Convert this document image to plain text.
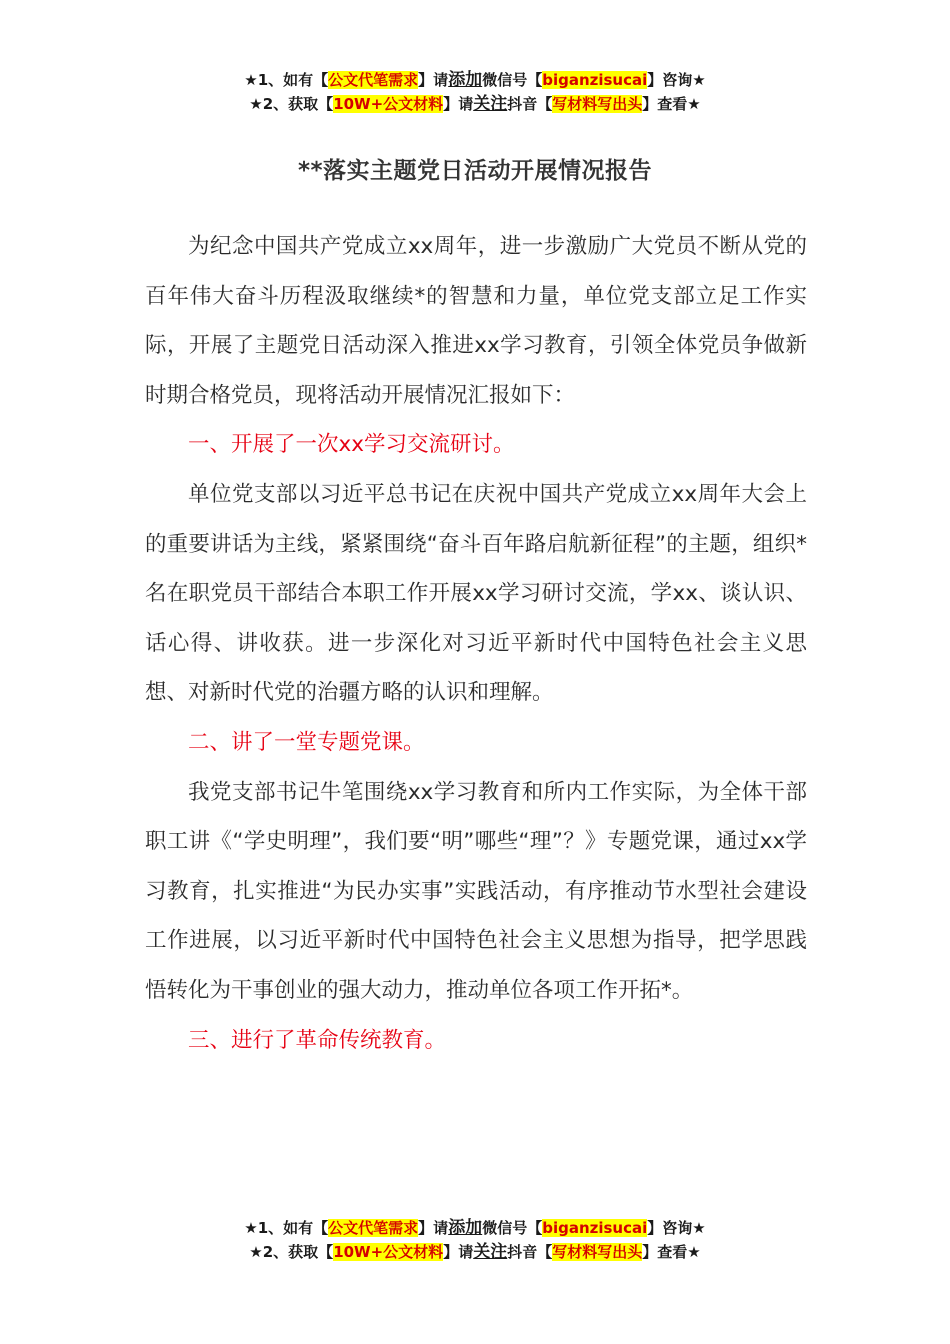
★1、如有【公文代笔需求】请添加微信号【biganzisucai】咨询★
★2、获取【10W+公文材料】请关注抖音【写材料写出头】查看★
**落实主题党日活动开展情况报告

为纪念中国共产党成立xx周年，进一步激励广大党员不断从党的百年伟大奋斗历程汲取继续*的智慧和力量，单位党支部立足工作实际，开展了主题党日活动深入推进xx学习教育，引领全体党员争做新时期合格党员，现将活动开展情况汇报如下：

一、开展了一次xx学习交流研讨。

单位党支部以习近平总书记在庆祝中国共产党成立xx周年大会上的重要讲话为主线，紧紧围绕“奋斗百年路启航新征程”的主题，组织*名在职党员干部结合本职工作开展xx学习研讨交流，学xx、谈认识、话心得、讲收获。进一步深化对习近平新时代中国特色社会主义思想、对新时代党的治疆方略的认识和理解。

二、讲了一堂专题党课。

我党支部书记牛笔围绕xx学习教育和所内工作实际，为全体干部职工讲《“学史明理”，我们要“明”哪些“理”？》专题党课，通过xx学习教育，扎实推进“为民办实事”实践活动，有序推动节水型社会建设工作进展，以习近平新时代中国特色社会主义思想为指导，把学思践悟转化为干事创业的强大动力，推动单位各项工作开拓*。

三、进行了革命传统教育。

★1、如有【公文代笔需求】请添加微信号【biganzisucai】咨询★
★2、获取【10W+公文材料】请关注抖音【写材料写出头】查看★
